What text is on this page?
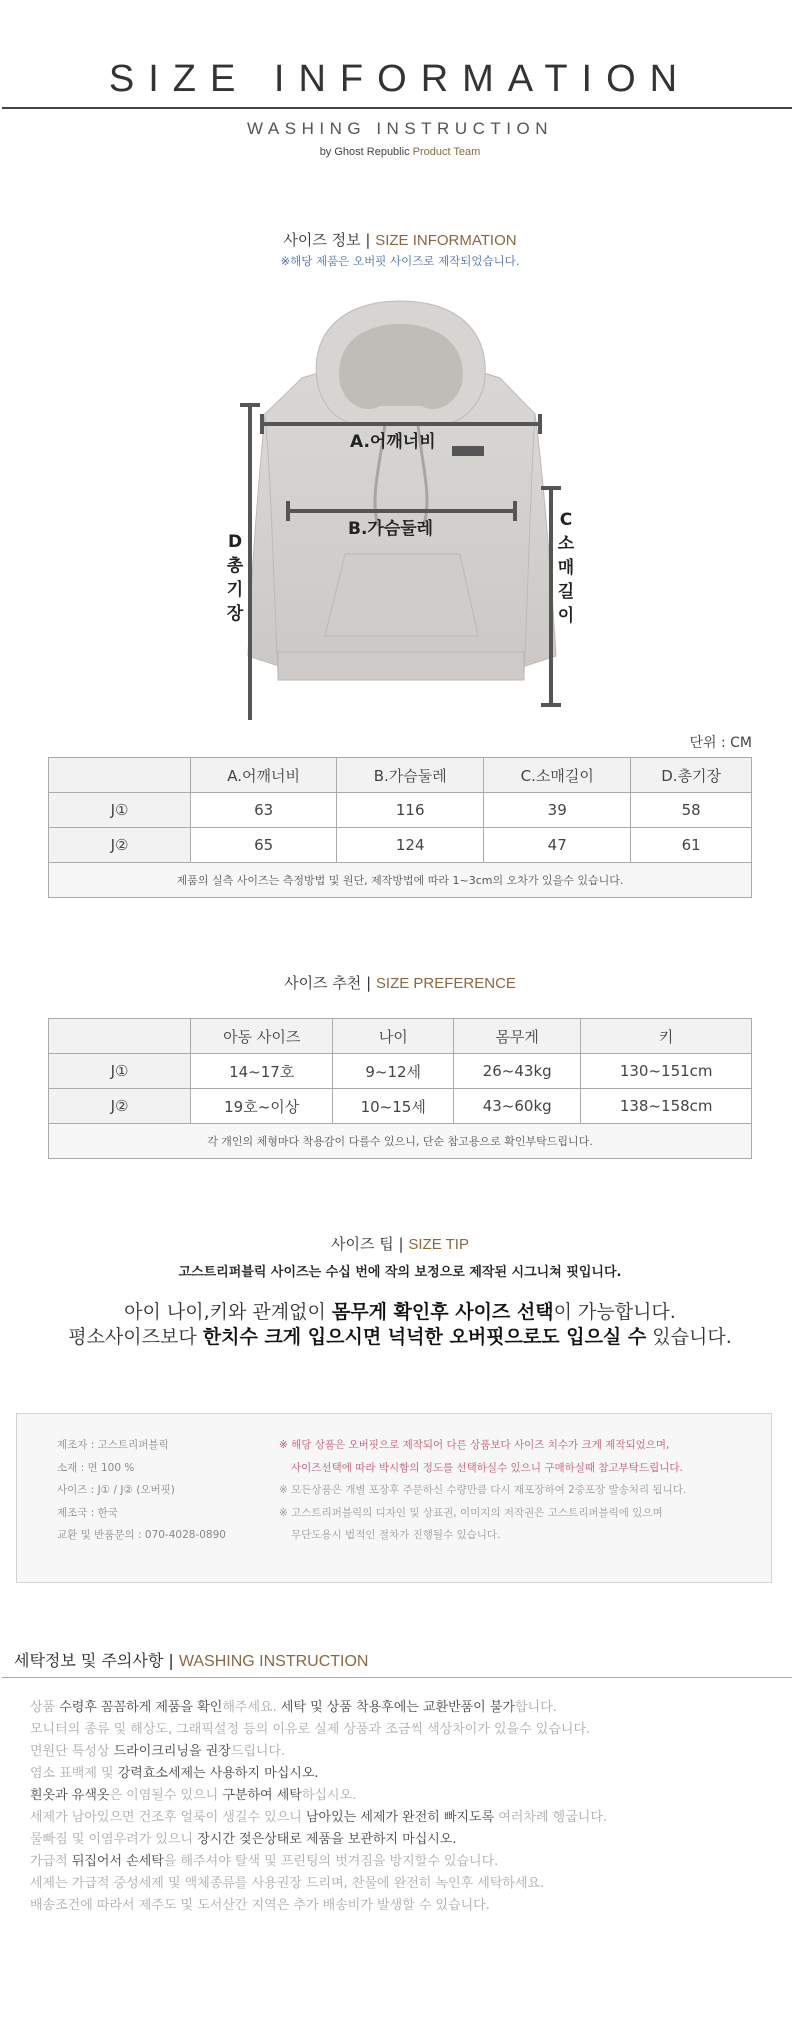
SIZE INFORMATION
WASHING INSTRUCTION
by Ghost Republic Product Team
사이즈 정보 | SIZE INFORMATION
※해당 제품은 오버핏 사이즈로 제작되었습니다.
A.어깨너비
B.가슴둘레	C
소
매
길
이
D
총
기
장
단위 : CM
	A.어깨너비	B.가슴둘레	C.소매길이	D.총기장
J①	63	116	39	58
J②	65	124	47	61
제품의 실측 사이즈는 측정방법 및 원단, 제작방법에 따라 1~3cm의 오차가 있을수 있습니다.				
사이즈 추천 | SIZE PREFERENCE
	아동 사이즈	나이	몸무게	키
J①	14~17호	9~12세	26~43kg	130~151cm
J②	19호~이상	10~15세	43~60kg	138~158cm
각 개인의 체형마다 착용감이 다를수 있으니, 단순 참고용으로 확인부탁드립니다.				
사이즈 팁 | SIZE TIP
고스트리퍼블릭 사이즈는 수십 번에 작의 보정으로 제작된 시그니쳐 핏입니다.
아이 나이,키와 관계없이 몸무게 확인후 사이즈 선택이 가능합니다.
평소사이즈보다 한치수 크게 입으시면 넉넉한 오버핏으로도 입으실 수 있습니다.
제조자 : 고스트리퍼블릭
소재 : 면 100 %
사이즈 : J① / J② (오버핏)
제조국 : 한국
교환 및 반품문의 : 070-4028-0890
※ 해당 상품은 오버핏으로 제작되어 다른 상품보다 사이즈 치수가 크게 제작되었으며,
사이즈선택에 따라 박시함의 정도를 선택하실수 있으니 구매하실때 참고부탁드립니다.
※ 모든상품은 개별 포장후 주문하신 수량만큼 다시 재포장하여 2중포장 발송처리 됩니다.
※ 고스트리퍼블릭의 디자인 및 상표권, 이미지의 저작권은 고스트리퍼블릭에 있으며
무단도용시 법적인 절차가 진행될수 있습니다.
세탁정보 및 주의사항 | WASHING INSTRUCTION
상품 수령후 꼼꼼하게 제품을 확인해주세요. 세탁 및 상품 착용후에는 교환반품이 불가합니다.
모니터의 종류 및 해상도, 그래픽설정 등의 이유로 실제 상품과 조금씩 색상차이가 있을수 있습니다.
면원단 특성상 드라이크리닝을 권장드립니다.
염소 표백제 및 강력효소세제는 사용하지 마십시오.
흰옷과 유색옷은 이염될수 있으니 구분하여 세탁하십시오.
세제가 남아있으면 건조후 얼룩이 생길수 있으니 남아있는 세제가 완전히 빠지도록 여러차례 헹굽니다.
물빠짐 및 이염우려가 있으니 장시간 젖은상태로 제품을 보관하지 마십시오.
가급적 뒤집어서 손세탁을 해주셔야 탈색 및 프린팅의 벗겨짐을 방지할수 있습니다.
세제는 가급적 중성세제 및 액체종류를 사용권장 드리며, 찬물에 완전히 녹인후 세탁하세요.
배송조건에 따라서 제주도 및 도서산간 지역은 추가 배송비가 발생할 수 있습니다.
